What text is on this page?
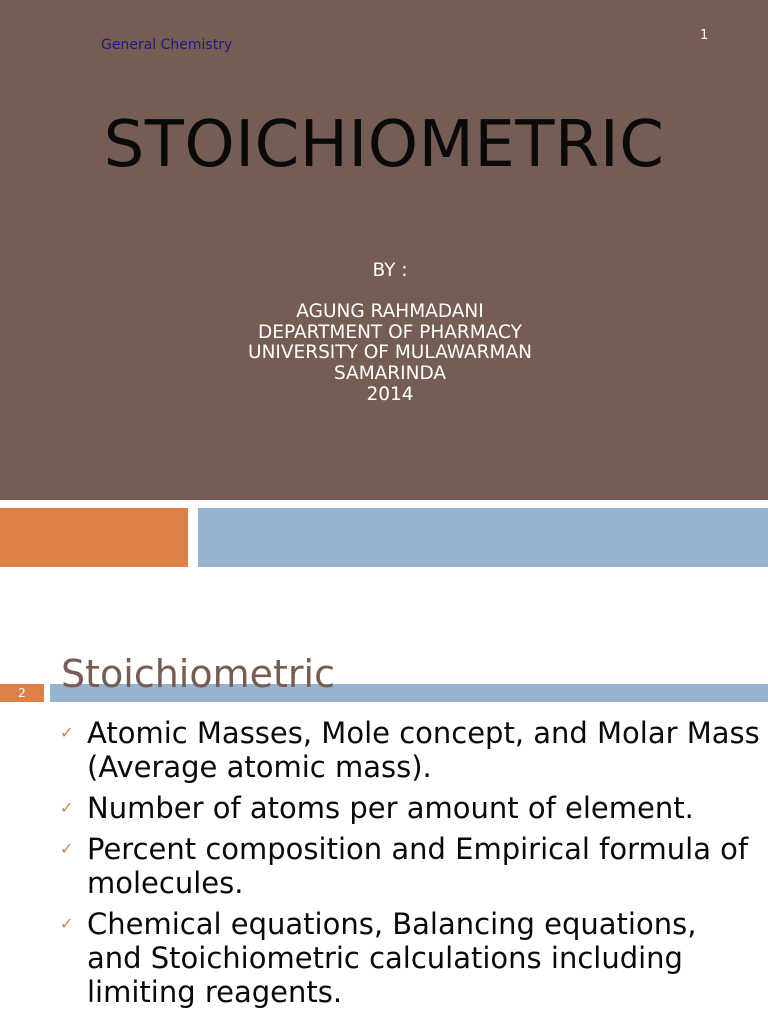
General Chemistry
1
STOICHIOMETRIC
BY :
AGUNG RAHMADANI
DEPARTMENT OF PHARMACY
UNIVERSITY OF MULAWARMAN
SAMARINDA
2014
2 Stoichiometric
✓ Atomic Masses, Mole concept, and Molar Mass (Average atomic mass).
✓ Number of atoms per amount of element.
✓ Percent composition and Empirical formula of molecules.
✓ Chemical equations, Balancing equations, and Stoichiometric calculations including limiting reagents.
